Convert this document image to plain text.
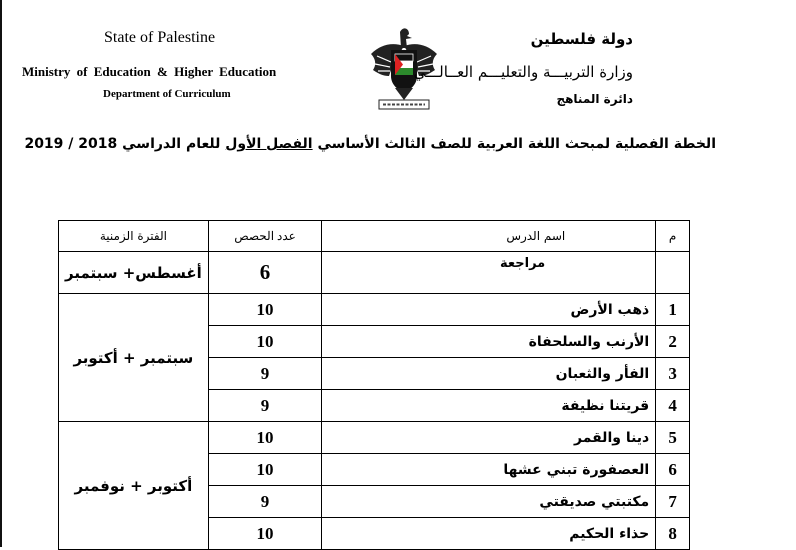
State of Palestine
Ministry of Education & Higher Education
Department of Curriculum
دولة فلسطين
وزارة التربيـــة والتعليـــم العــالـــي
دائرة المناهج
الخطة الفصلية لمبحث اللغة العربية للصف الثالث الأساسي الفصل الأول للعام الدراسي 2018 / 2019
م	اسم الدرس	عدد الحصص	الفترة الزمنية
	مراجعة	6	أغسطس+ سبتمبر
1	ذهب الأرض	10	سبتمبر + أكتوبر
2	الأرنب والسلحفاة	10	
3	الفأر والثعبان	9	
4	قريتنا نظيفة	9	
5	دينا والقمر	10	أكتوبر + نوفمبر
6	العصفورة تبني عشها	10	
7	مكتبتي صديقتي	9	
8	حذاء الحكيم	10	
